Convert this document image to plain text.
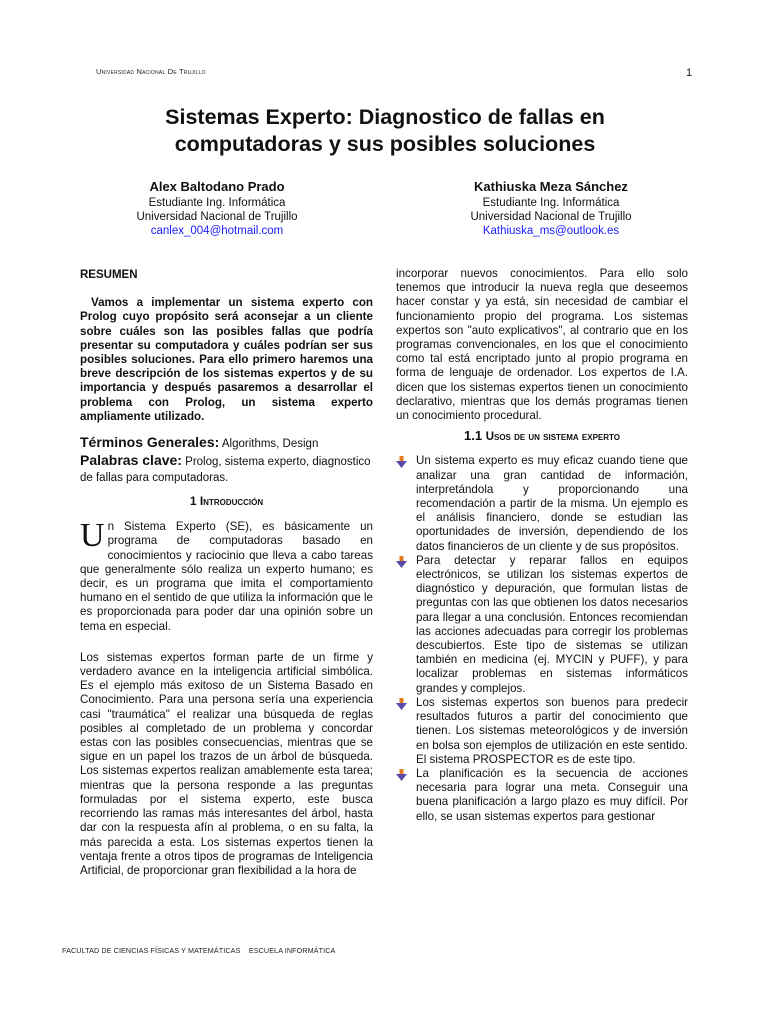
Universidad Nacional De Trujillo	1
Sistemas Experto: Diagnostico de fallas en
computadoras y sus posibles soluciones
Alex Baltodano Prado
Estudiante Ing. Informática
Universidad Nacional de Trujillo
canlex_004@hotmail.com
Kathiuska Meza Sánchez
Estudiante Ing. Informática
Universidad Nacional de Trujillo
Kathiuska_ms@outlook.es
RESUMEN

Vamos a implementar un sistema experto con Prolog cuyo propósito será aconsejar a un cliente sobre cuáles son las posibles fallas que podría presentar su computadora y cuáles podrían ser sus posibles soluciones. Para ello primero haremos una breve descripción de los sistemas expertos y de su importancia y después pasaremos a desarrollar el problema con Prolog, un sistema experto ampliamente utilizado.

Términos Generales: Algorithms, Design
Palabras clave: Prolog, sistema experto, diagnostico de fallas para computadoras.
1 Introducción

Un Sistema Experto (SE), es básicamente un programa de computadoras basado en conocimientos y raciocinio que lleva a cabo tareas que generalmente sólo realiza un experto humano; es decir, es un programa que imita el comportamiento humano en el sentido de que utiliza la información que le es proporcionada para poder dar una opinión sobre un tema en especial.

Los sistemas expertos forman parte de un firme y verdadero avance en la inteligencia artificial simbólica. Es el ejemplo más exitoso de un Sistema Basado en Conocimiento. Para una persona sería una experiencia casi "traumática" el realizar una búsqueda de reglas posibles al completado de un problema y concordar estas con las posibles consecuencias, mientras que se sigue en un papel los trazos de un árbol de búsqueda. Los sistemas expertos realizan amablemente esta tarea; mientras que la persona responde a las preguntas formuladas por el sistema experto, este busca recorriendo las ramas más interesantes del árbol, hasta dar con la respuesta afín al problema, o en su falta, la más parecida a esta. Los sistemas expertos tienen la ventaja frente a otros tipos de programas de Inteligencia Artificial, de proporcionar gran flexibilidad a la hora de

incorporar nuevos conocimientos. Para ello solo tenemos que introducir la nueva regla que deseemos hacer constar y ya está, sin necesidad de cambiar el funcionamiento propio del programa. Los sistemas expertos son "auto explicativos", al contrario que en los programas convencionales, en los que el conocimiento como tal está encriptado junto al propio programa en forma de lenguaje de ordenador. Los expertos de I.A. dicen que los sistemas expertos tienen un conocimiento declarativo, mientras que los demás programas tienen un conocimiento procedural.

1.1 Usos de un sistema experto
Un sistema experto es muy eficaz cuando tiene que analizar una gran cantidad de información, interpretándola y proporcionando una recomendación a partir de la misma. Un ejemplo es el análisis financiero, donde se estudian las oportunidades de inversión, dependiendo de los datos financieros de un cliente y de sus propósitos.
Para detectar y reparar fallos en equipos electrónicos, se utilizan los sistemas expertos de diagnóstico y depuración, que formulan listas de preguntas con las que obtienen los datos necesarios para llegar a una conclusión. Entonces recomiendan las acciones adecuadas para corregir los problemas descubiertos. Este tipo de sistemas se utilizan también en medicina (ej. MYCIN y PUFF), y para localizar problemas en sistemas informáticos grandes y complejos.
Los sistemas expertos son buenos para predecir resultados futuros a partir del conocimiento que tienen. Los sistemas meteorológicos y de inversión en bolsa son ejemplos de utilización en este sentido. El sistema PROSPECTOR es de este tipo.
La planificación es la secuencia de acciones necesaria para lograr una meta. Conseguir una buena planificación a largo plazo es muy difícil. Por ello, se usan sistemas expertos para gestionar
FACULTAD DE CIENCIAS FÍSICAS Y MATEMÁTICAS    ESCUELA INFORMÁTICA
